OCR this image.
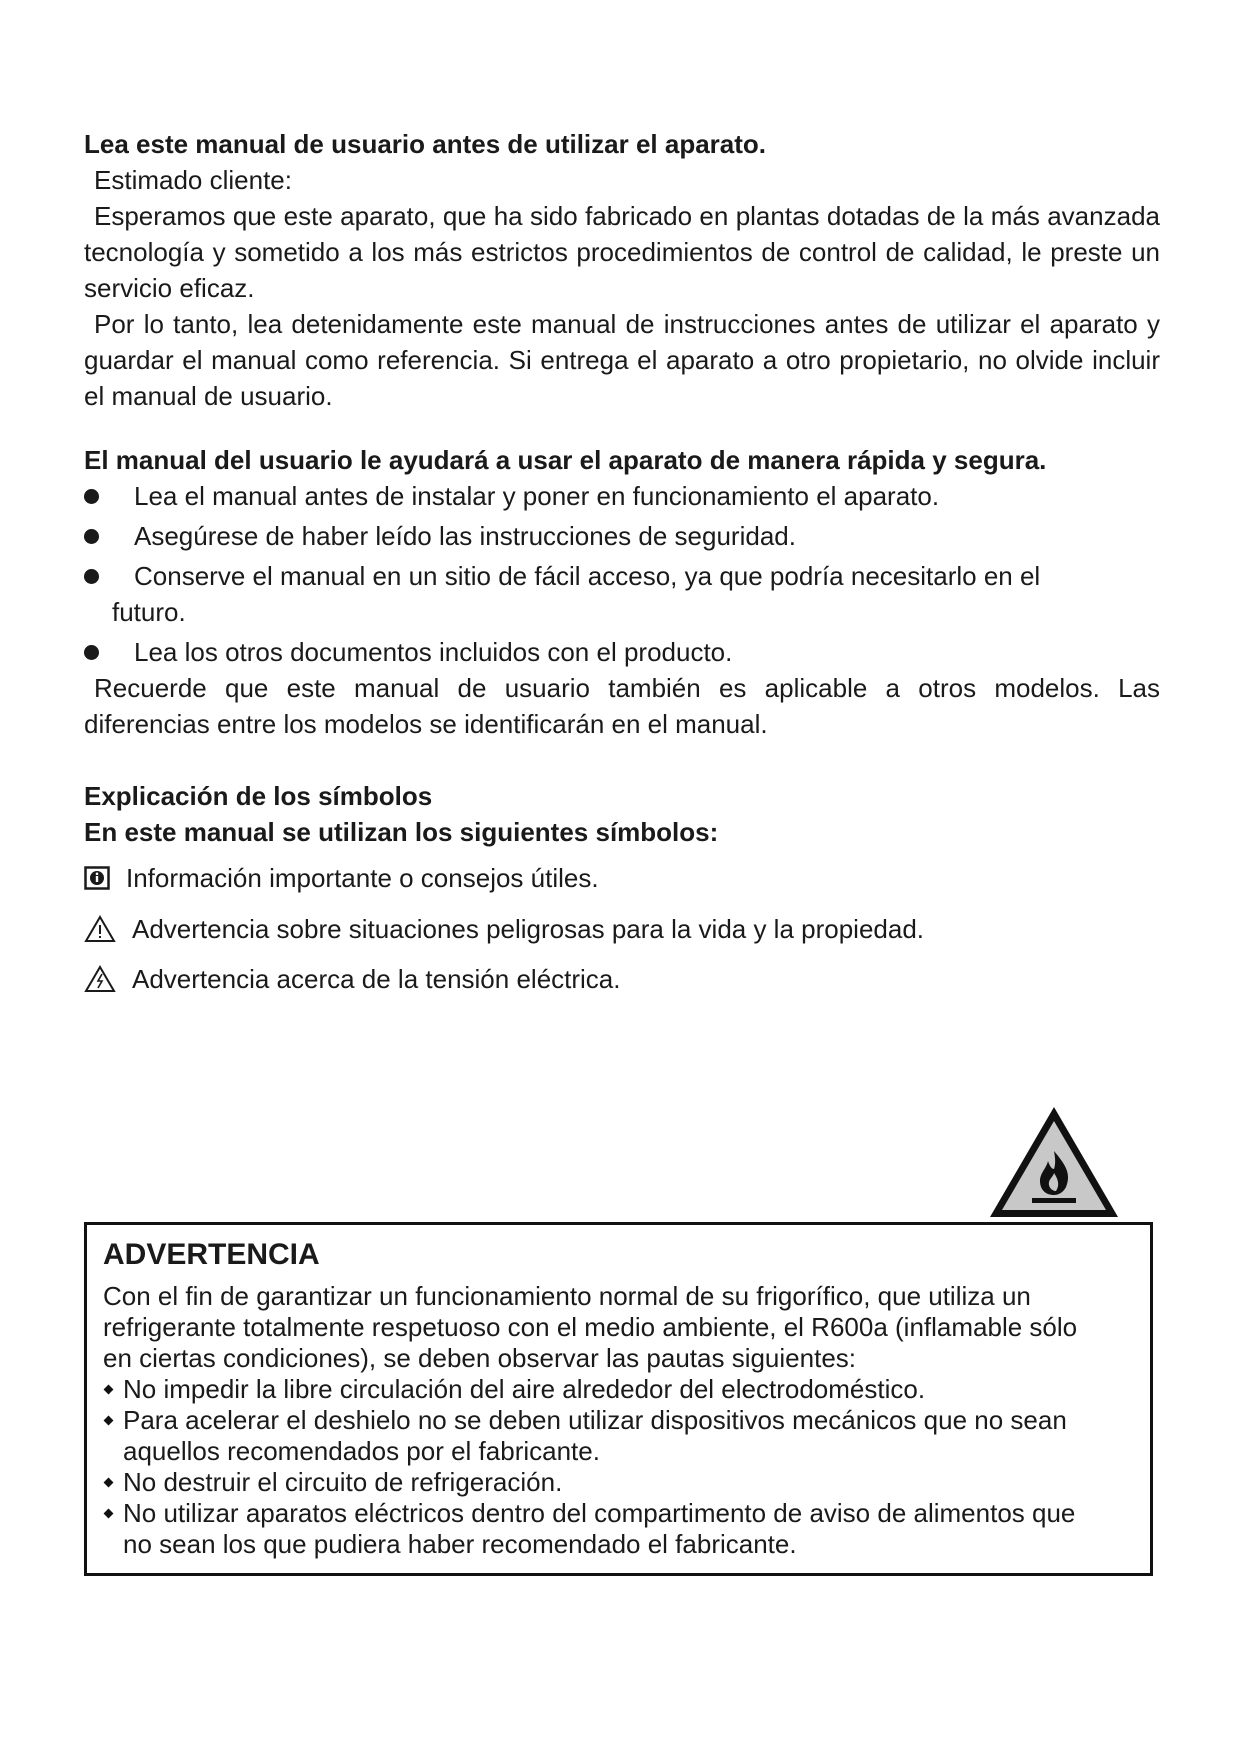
Lea este manual de usuario antes de utilizar el aparato.

Estimado cliente:

Esperamos que este aparato, que ha sido fabricado en plantas dotadas de la más avanzada tecnología y sometido a los más estrictos procedimientos de control de calidad, le preste un servicio eficaz.

Por lo tanto, lea detenidamente este manual de instrucciones antes de utilizar el aparato y guardar el manual como referencia. Si entrega el aparato a otro propietario, no olvide incluir el manual de usuario.

El manual del usuario le ayudará a usar el aparato de manera rápida y segura.

Lea el manual antes de instalar y poner en funcionamiento el aparato.
Asegúrese de haber leído las instrucciones de seguridad.
Conserve el manual en un sitio de fácil acceso, ya que podría necesitarlo en el
futuro.
Lea los otros documentos incluidos con el producto.

Recuerde que este manual de usuario también es aplicable a otros modelos. Las diferencias entre los modelos se identificarán en el manual.

Explicación de los símbolos

En este manual se utilizan los siguientes símbolos:

Información importante o consejos útiles.
Advertencia sobre situaciones peligrosas para la vida y la propiedad.
Advertencia acerca de la tensión eléctrica.
ADVERTENCIA
Con el fin de garantizar un funcionamiento normal de su frigorífico, que utiliza un
refrigerante totalmente respetuoso con el medio ambiente, el R600a (inflamable sólo
en ciertas condiciones), se deben observar las pautas siguientes:
No impedir la libre circulación del aire alrededor del electrodoméstico.
Para acelerar el deshielo no se deben utilizar dispositivos mecánicos que no sean
aquellos recomendados por el fabricante.
No destruir el circuito de refrigeración.
No utilizar aparatos eléctricos dentro del compartimento de aviso de alimentos que
no sean los que pudiera haber recomendado el fabricante.
